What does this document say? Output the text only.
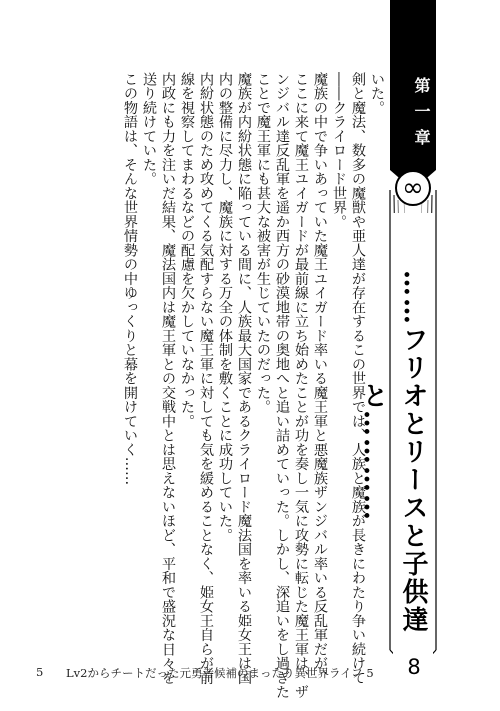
いた。

剣と魔法、数多の魔獣や亜人達が存在するこの世界では、人族と魔族が長きにわたり争い続けて

――クライロード世界。

魔族の中で争いあっていた魔王ユイガード率いる魔王軍と悪魔族ザンジバル率いる反乱軍だが、

ここに来て魔王ユイガードが最前線に立ち始めたことが功を奏し一気に攻勢に転じた魔王軍は、ザ

ンジバル達反乱軍を遥か西方の砂漠地帯の奥地へと追い詰めていった。しかし、深追いをし過ぎた

ことで魔王軍にも甚大な被害が生じていたのだった。

魔族が内紛状態に陥っている間に、人族最大国家であるクライロード魔法国を率いる姫女王は国

内の整備に尽力し、魔族に対する万全の体制を敷くことに成功していた。

内紛状態のため攻めてくる気配すらない魔王軍に対しても気を緩めることなく、姫女王自らが前

線を視察してまわるなどの配慮を欠かしていなかった。

内政にも力を注いだ結果、魔法国内は魔王軍との交戦中とは思えないほど、平和で盛況な日々を

送り続けていた。

この物語は、そんな世界情勢の中ゆっくりと幕を開けていく……	第一章
∞
……フリオとリースと子供達と…………
8
5 Lv2からチートだった元勇者候補のまったり異世界ライフ 5
